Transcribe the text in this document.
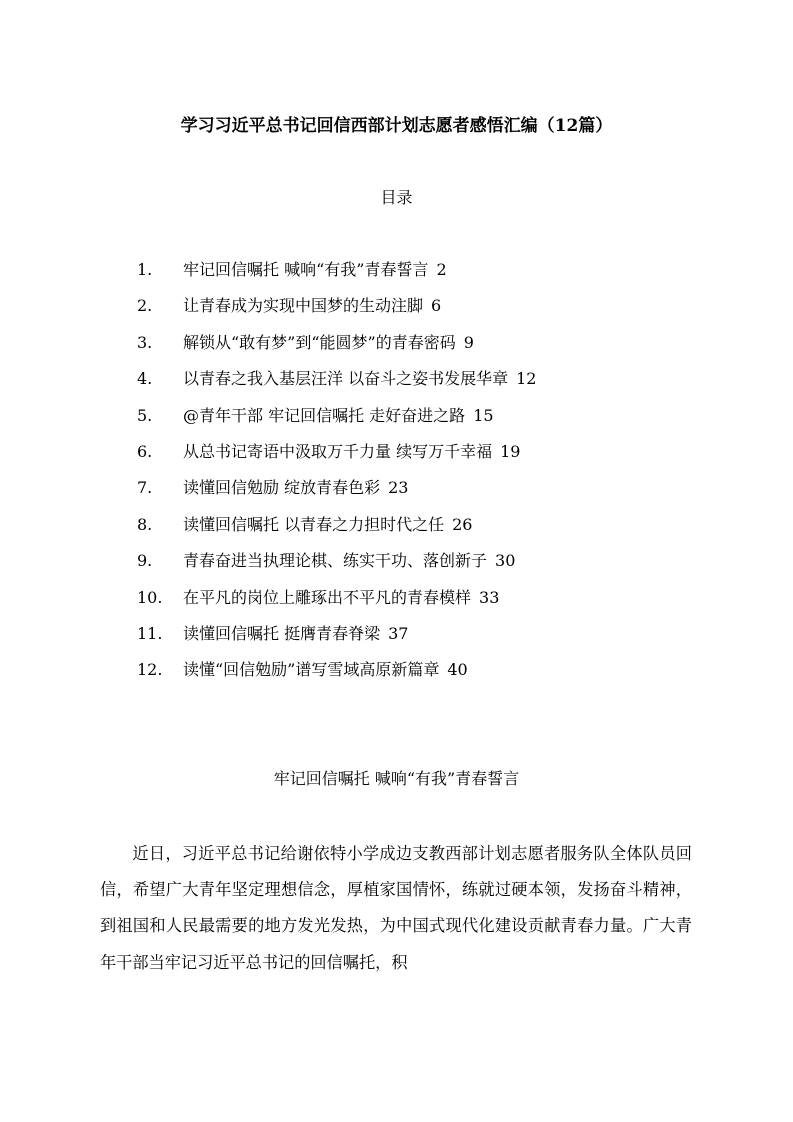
学习习近平总书记回信西部计划志愿者感悟汇编（12篇）
目录
1. 牢记回信嘱托 喊响“有我”青春誓言 2
2. 让青春成为实现中国梦的生动注脚 6
3. 解锁从“敢有梦”到“能圆梦”的青春密码 9
4. 以青春之我入基层汪洋 以奋斗之姿书发展华章 12
5. @青年干部 牢记回信嘱托 走好奋进之路 15
6. 从总书记寄语中汲取万千力量 续写万千幸福 19
7. 读懂回信勉励 绽放青春色彩 23
8. 读懂回信嘱托 以青春之力担时代之任 26
9. 青春奋进当执理论棋、练实干功、落创新子 30
10. 在平凡的岗位上雕琢出不平凡的青春模样 33
11. 读懂回信嘱托 挺膺青春脊梁 37
12. 读懂“回信勉励”谱写雪域高原新篇章 40
牢记回信嘱托 喊响“有我”青春誓言

近日，习近平总书记给谢依特小学成边支教西部计划志愿者服务队全体队员回信，希望广大青年坚定理想信念，厚植家国情怀，练就过硬本领，发扬奋斗精神，到祖国和人民最需要的地方发光发热，为中国式现代化建设贡献青春力量。广大青年干部当牢记习近平总书记的回信嘱托，积
